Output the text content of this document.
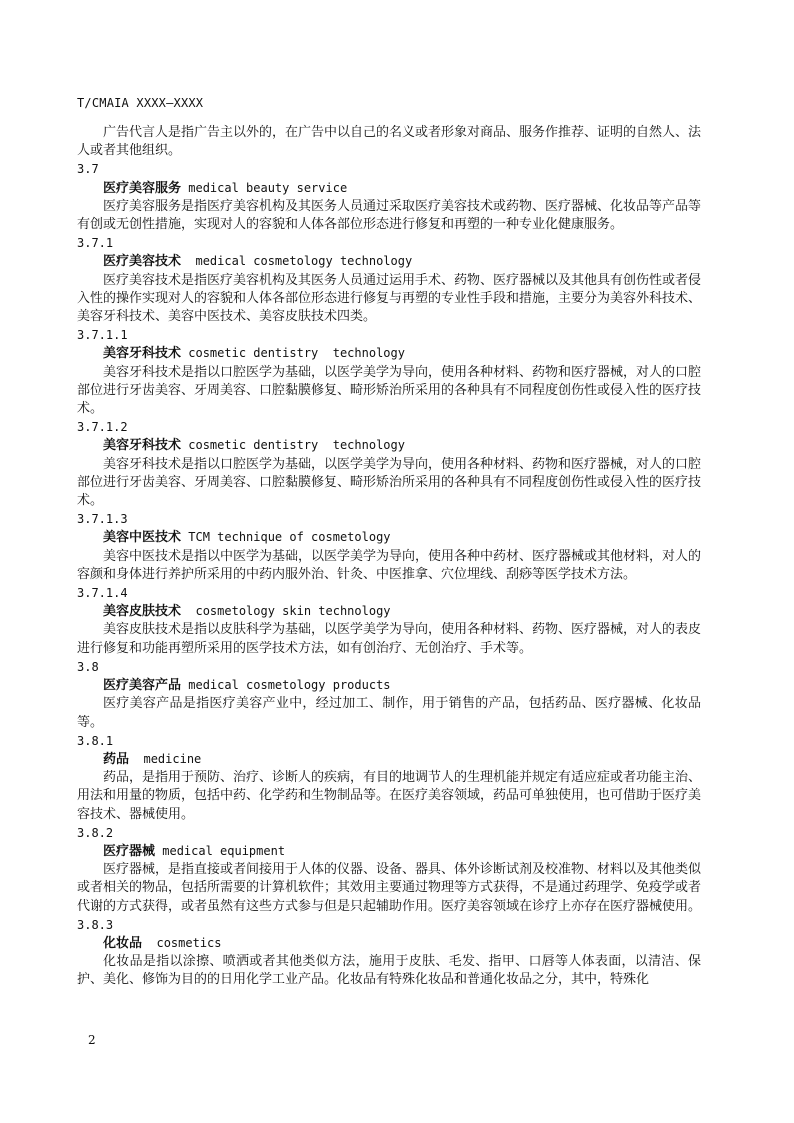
T/CMAIA XXXX—XXXX
广告代言人是指广告主以外的，在广告中以自己的名义或者形象对商品、服务作推荐、证明的自然人、法人或者其他组织。
3.7
医疗美容服务 medical beauty service
医疗美容服务是指医疗美容机构及其医务人员通过采取医疗美容技术或药物、医疗器械、化妆品等产品等有创或无创性措施，实现对人的容貌和人体各部位形态进行修复和再塑的一种专业化健康服务。
3.7.1
医疗美容技术  medical cosmetology technology
医疗美容技术是指医疗美容机构及其医务人员通过运用手术、药物、医疗器械以及其他具有创伤性或者侵入性的操作实现对人的容貌和人体各部位形态进行修复与再塑的专业性手段和措施，主要分为美容外科技术、美容牙科技术、美容中医技术、美容皮肤技术四类。
3.7.1.1
美容牙科技术 cosmetic dentistry  technology
美容牙科技术是指以口腔医学为基础，以医学美学为导向，使用各种材料、药物和医疗器械，对人的口腔部位进行牙齿美容、牙周美容、口腔黏膜修复、畸形矫治所采用的各种具有不同程度创伤性或侵入性的医疗技术。
3.7.1.2
美容牙科技术 cosmetic dentistry  technology
美容牙科技术是指以口腔医学为基础，以医学美学为导向，使用各种材料、药物和医疗器械，对人的口腔部位进行牙齿美容、牙周美容、口腔黏膜修复、畸形矫治所采用的各种具有不同程度创伤性或侵入性的医疗技术。
3.7.1.3
美容中医技术 TCM technique of cosmetology
美容中医技术是指以中医学为基础，以医学美学为导向，使用各种中药材、医疗器械或其他材料，对人的容颜和身体进行养护所采用的中药内服外治、针灸、中医推拿、穴位埋线、刮痧等医学技术方法。
3.7.1.4
美容皮肤技术  cosmetology skin technology
美容皮肤技术是指以皮肤科学为基础，以医学美学为导向，使用各种材料、药物、医疗器械，对人的表皮进行修复和功能再塑所采用的医学技术方法，如有创治疗、无创治疗、手术等。
3.8
医疗美容产品 medical cosmetology products
医疗美容产品是指医疗美容产业中，经过加工、制作，用于销售的产品，包括药品、医疗器械、化妆品等。
3.8.1
药品  medicine
药品，是指用于预防、治疗、诊断人的疾病，有目的地调节人的生理机能并规定有适应症或者功能主治、用法和用量的物质，包括中药、化学药和生物制品等。在医疗美容领域，药品可单独使用，也可借助于医疗美容技术、器械使用。
3.8.2
医疗器械 medical equipment
医疗器械，是指直接或者间接用于人体的仪器、设备、器具、体外诊断试剂及校准物、材料以及其他类似或者相关的物品，包括所需要的计算机软件；其效用主要通过物理等方式获得，不是通过药理学、免疫学或者代谢的方式获得，或者虽然有这些方式参与但是只起辅助作用。医疗美容领域在诊疗上亦存在医疗器械使用。
3.8.3
化妆品  cosmetics
化妆品是指以涂擦、喷洒或者其他类似方法，施用于皮肤、毛发、指甲、口唇等人体表面，以清洁、保护、美化、修饰为目的的日用化学工业产品。化妆品有特殊化妆品和普通化妆品之分，其中，特殊化
2
